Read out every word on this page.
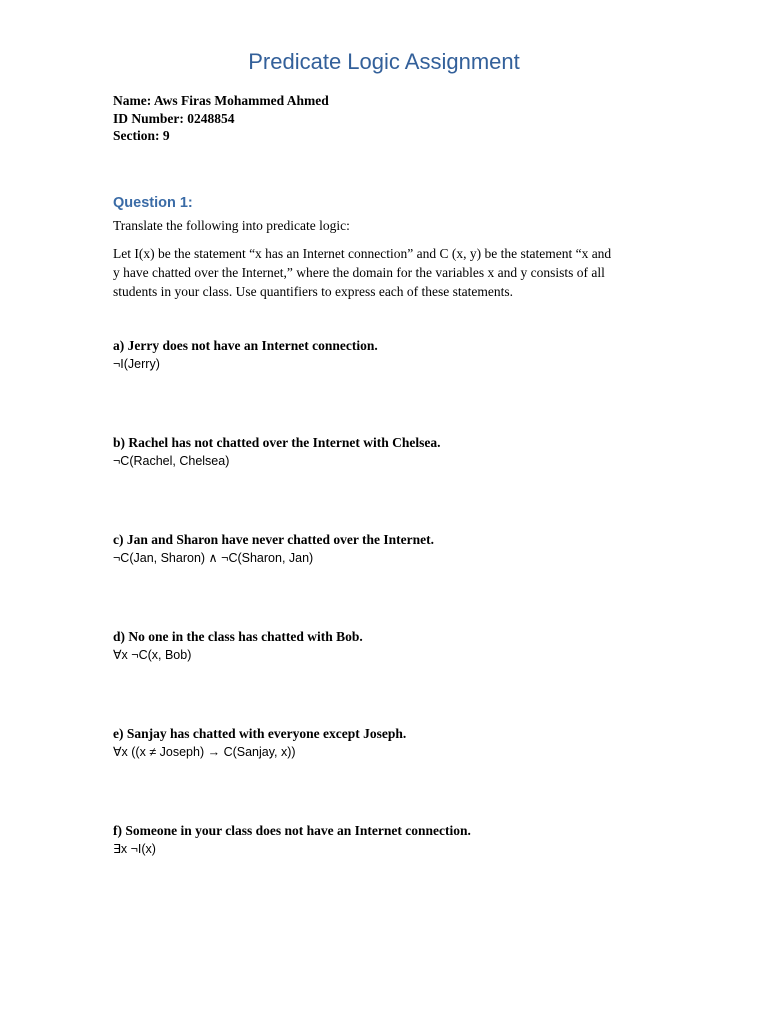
Predicate Logic Assignment
Name: Aws Firas Mohammed Ahmed
ID Number: 0248854
Section: 9
Question 1:
Translate the following into predicate logic:
Let I(x) be the statement “x has an Internet connection” and C (x, y) be the statement “x and
y have chatted over the Internet,” where the domain for the variables x and y consists of all
students in your class. Use quantifiers to express each of these statements.
a) Jerry does not have an Internet connection.
¬I(Jerry)
b) Rachel has not chatted over the Internet with Chelsea.
¬C(Rachel, Chelsea)
c) Jan and Sharon have never chatted over the Internet.
¬C(Jan, Sharon) ∧ ¬C(Sharon, Jan)
d) No one in the class has chatted with Bob.
∀x ¬C(x, Bob)
e) Sanjay has chatted with everyone except Joseph.
∀x ((x ≠ Joseph) → C(Sanjay, x))
f) Someone in your class does not have an Internet connection.
∃x ¬I(x)
